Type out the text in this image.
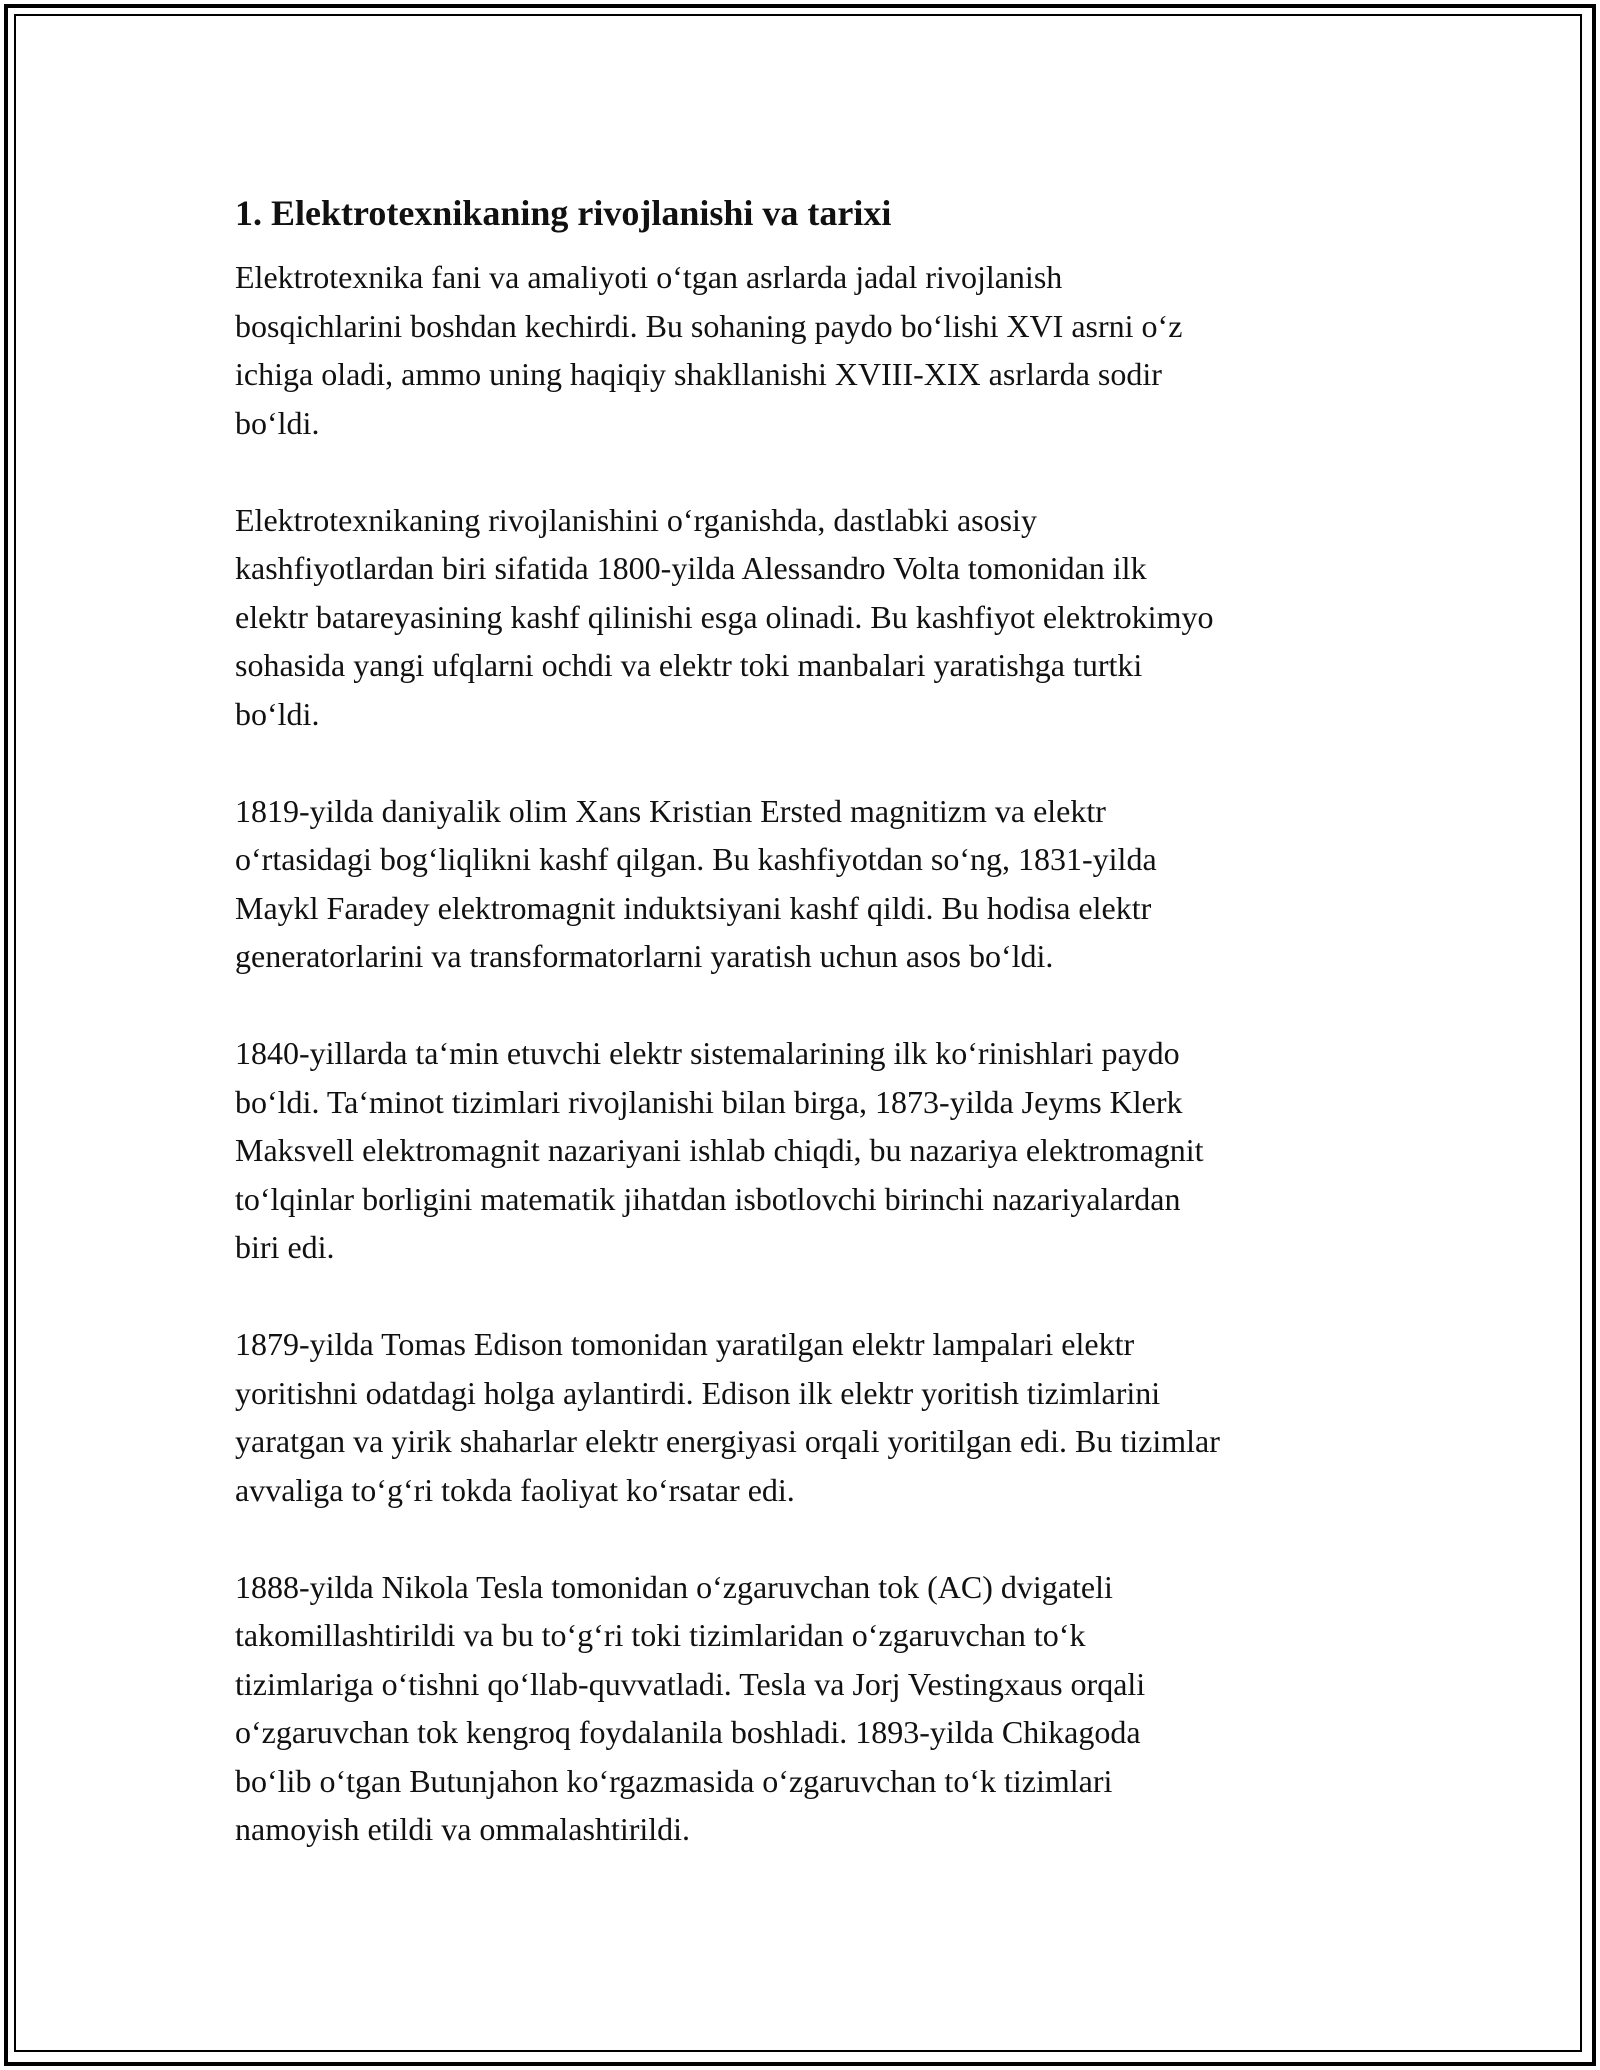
1. Elektrotexnikaning rivojlanishi va tarixi

Elektrotexnika fani va amaliyoti o‘tgan asrlarda jadal rivojlanish
bosqichlarini boshdan kechirdi. Bu sohaning paydo bo‘lishi XVI asrni o‘z
ichiga oladi, ammo uning haqiqiy shakllanishi XVIII-XIX asrlarda sodir
bo‘ldi.

Elektrotexnikaning rivojlanishini o‘rganishda, dastlabki asosiy
kashfiyotlardan biri sifatida 1800-yilda Alessandro Volta tomonidan ilk
elektr batareyasining kashf qilinishi esga olinadi. Bu kashfiyot elektrokimyo
sohasida yangi ufqlarni ochdi va elektr toki manbalari yaratishga turtki
bo‘ldi.

1819-yilda daniyalik olim Xans Kristian Ersted magnitizm va elektr
o‘rtasidagi bog‘liqlikni kashf qilgan. Bu kashfiyotdan so‘ng, 1831-yilda
Maykl Faradey elektromagnit induktsiyani kashf qildi. Bu hodisa elektr
generatorlarini va transformatorlarni yaratish uchun asos bo‘ldi.

1840-yillarda ta‘min etuvchi elektr sistemalarining ilk ko‘rinishlari paydo
bo‘ldi. Ta‘minot tizimlari rivojlanishi bilan birga, 1873-yilda Jeyms Klerk
Maksvell elektromagnit nazariyani ishlab chiqdi, bu nazariya elektromagnit
to‘lqinlar borligini matematik jihatdan isbotlovchi birinchi nazariyalardan
biri edi.

1879-yilda Tomas Edison tomonidan yaratilgan elektr lampalari elektr
yoritishni odatdagi holga aylantirdi. Edison ilk elektr yoritish tizimlarini
yaratgan va yirik shaharlar elektr energiyasi orqali yoritilgan edi. Bu tizimlar
avvaliga to‘g‘ri tokda faoliyat ko‘rsatar edi.

1888-yilda Nikola Tesla tomonidan o‘zgaruvchan tok (AC) dvigateli
takomillashtirildi va bu to‘g‘ri toki tizimlaridan o‘zgaruvchan to‘k
tizimlariga o‘tishni qo‘llab-quvvatladi. Tesla va Jorj Vestingxaus orqali
o‘zgaruvchan tok kengroq foydalanila boshladi. 1893-yilda Chikagoda
bo‘lib o‘tgan Butunjahon ko‘rgazmasida o‘zgaruvchan to‘k tizimlari
namoyish etildi va ommalashtirildi.
